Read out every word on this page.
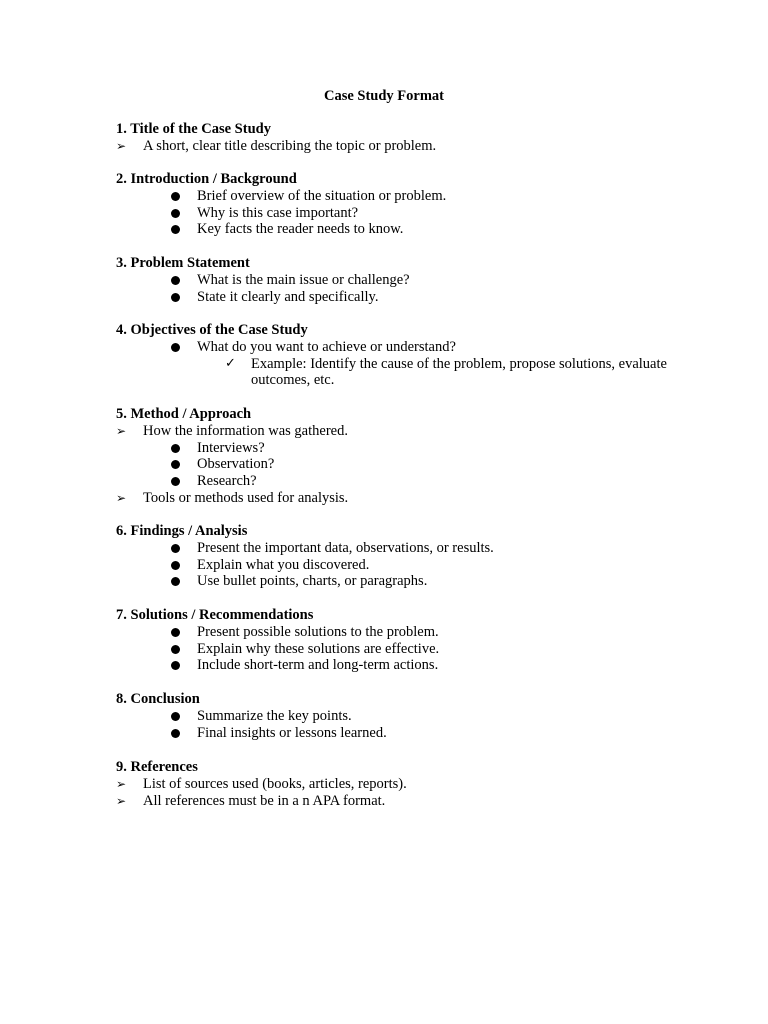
Case Study Format
1. Title of the Case Study
➢	A short, clear title describing the topic or problem.
2. Introduction / Background
Brief overview of the situation or problem.
Why is this case important?
Key facts the reader needs to know.
3. Problem Statement
What is the main issue or challenge?
State it clearly and specifically.
4. Objectives of the Case Study
What do you want to achieve or understand?
✓ Example: Identify the cause of the problem, propose solutions, evaluate outcomes, etc.
5. Method / Approach
➢	How the information was gathered.
Interviews?
Observation?
Research?
➢	Tools or methods used for analysis.
6. Findings / Analysis
Present the important data, observations, or results.
Explain what you discovered.
Use bullet points, charts, or paragraphs.
7. Solutions / Recommendations
Present possible solutions to the problem.
Explain why these solutions are effective.
Include short-term and long-term actions.
8. Conclusion
Summarize the key points.
Final insights or lessons learned.
9. References
➢	List of sources used (books, articles, reports).
➢	All references must be in a n APA format.
